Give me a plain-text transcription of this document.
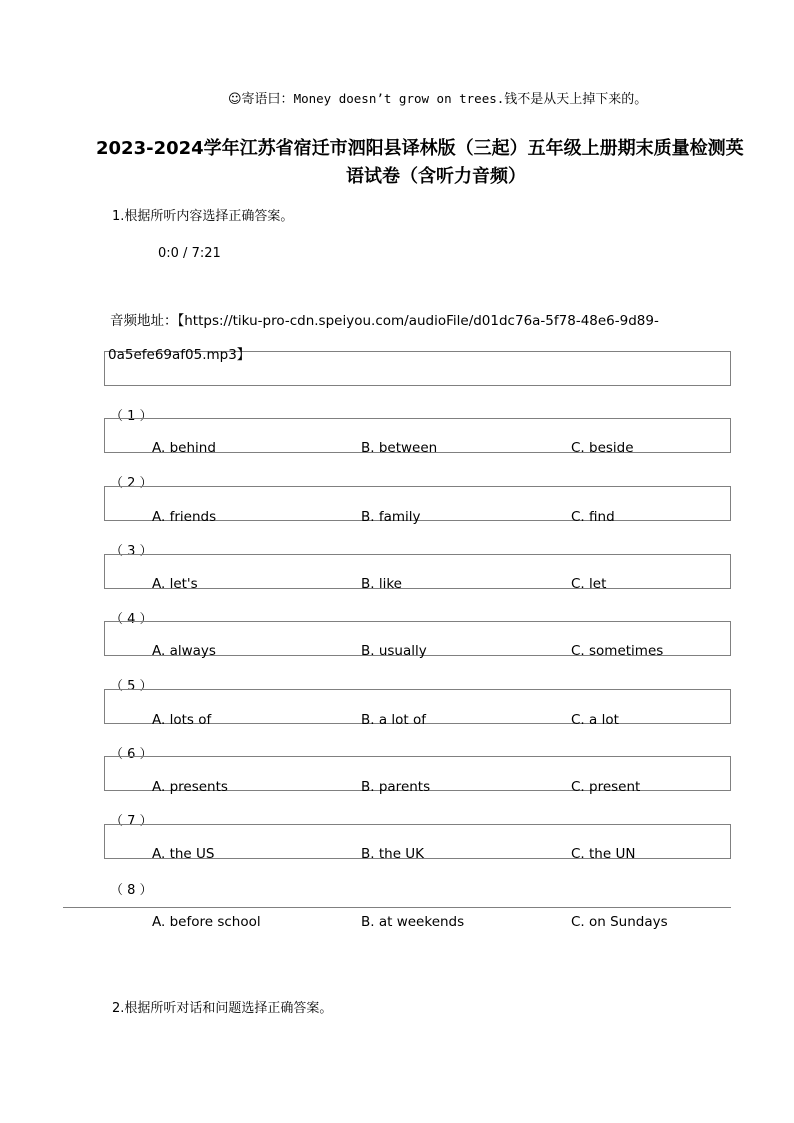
☺寄语曰：Money doesn’t grow on trees.钱不是从天上掉下来的。
2023-2024学年江苏省宿迁市泗阳县译林版（三起）五年级上册期末质量检测英
语试卷（含听力音频）
1.根据所听内容选择正确答案。
0:0 / 7:21
音频地址：【https://tiku-pro-cdn.speiyou.com/audioFile/d01dc76a-5f78-48e6-9d89-
0a5efe69af05.mp3】
（ 1 ）
A. behind	B. between	C. beside
（ 2 ）
A. friends	B. family	C. find
（ 3 ）
A. let's	B. like	C. let
（ 4 ）
A. always	B. usually	C. sometimes
（ 5 ）
A. lots of	B. a lot of	C. a lot
（ 6 ）
A. presents	B. parents	C. present
（ 7 ）
A. the US	B. the UK	C. the UN
（ 8 ）
A. before school	B. at weekends	C. on Sundays
2.根据所听对话和问题选择正确答案。
